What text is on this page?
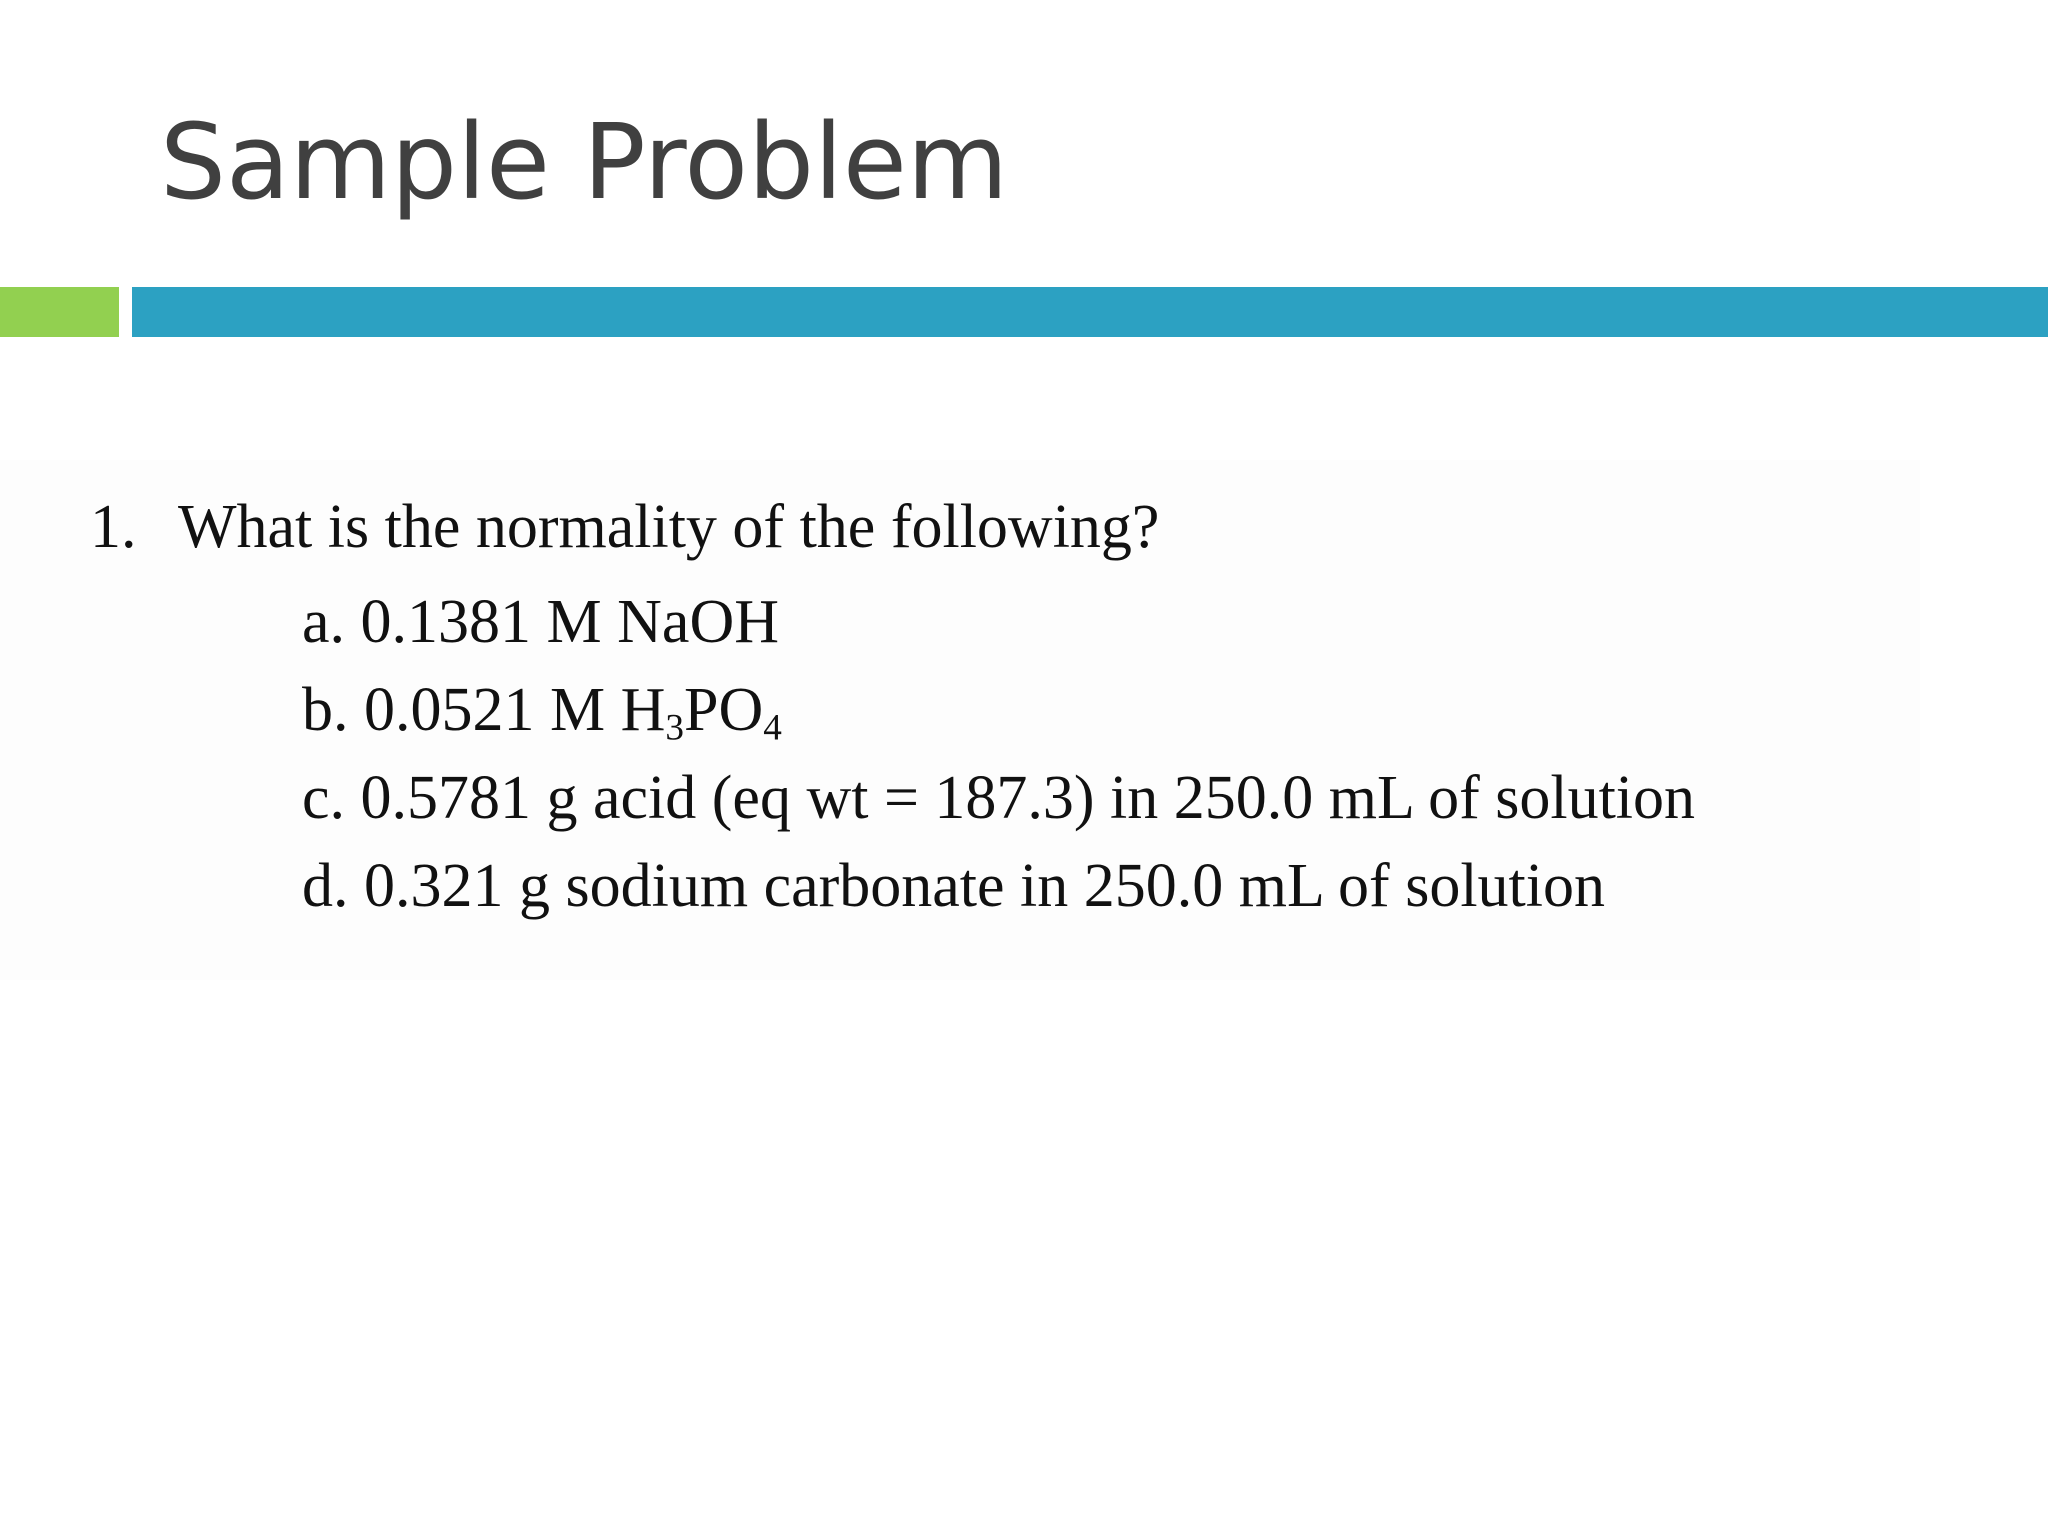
Sample Problem
1. What is the normality of the following?
a. 0.1381 M NaOH
b. 0.0521 M $H_3PO_4$
c. 0.5781 g acid (eq wt = 187.3) in 250.0 mL of solution
d. 0.321 g sodium carbonate in 250.0 mL of solution
